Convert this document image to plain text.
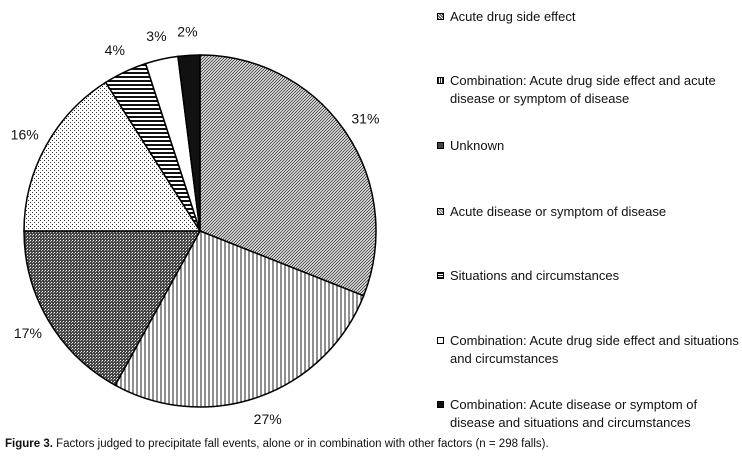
31%
27%
17%
16%
4%
3% 2%
Acute drug side effect
Combination: Acute drug side effect and acute disease or symptom of disease
Unknown
Acute disease or symptom of disease
Situations and circumstances
Combination: Acute drug side effect and situations and circumstances
Combination: Acute disease or symptom of disease and situations and circumstances
Figure 3. Factors judged to precipitate fall events, alone or in combination with other factors (n = 298 falls).
